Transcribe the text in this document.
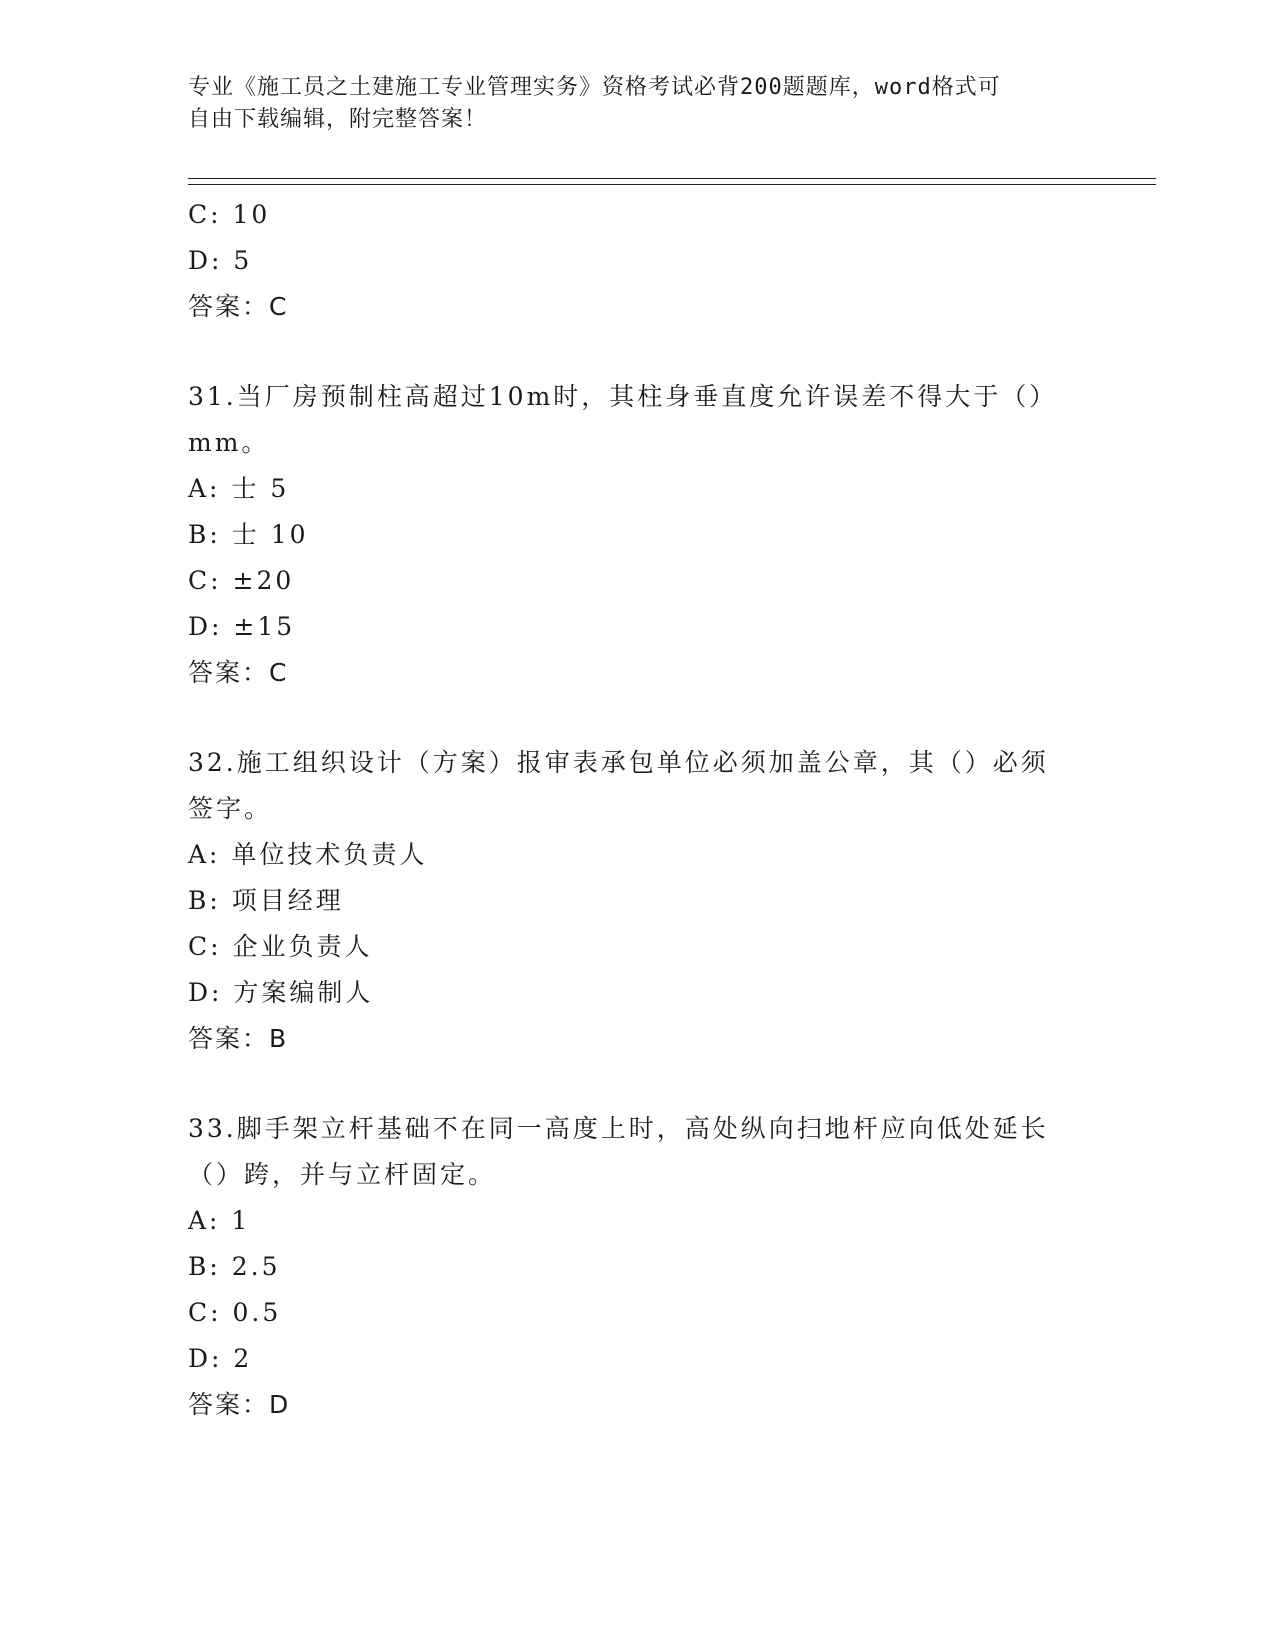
专业《施工员之土建施工专业管理实务》资格考试必背200题题库，word格式可
自由下载编辑，附完整答案！
C: 10
D: 5
答案：C
31.当厂房预制柱高超过10m时，其柱身垂直度允许误差不得大于（）
mm。
A: 士 5
B: 士 10
C: ±20
D: ±15
答案：C
32.施工组织设计（方案）报审表承包单位必须加盖公章，其（）必须
签字。
A: 单位技术负责人
B: 项目经理
C: 企业负责人
D: 方案编制人
答案：B
33.脚手架立杆基础不在同一高度上时，高处纵向扫地杆应向低处延长
（）跨，并与立杆固定。
A: 1
B: 2.5
C: 0.5
D: 2
答案：D
